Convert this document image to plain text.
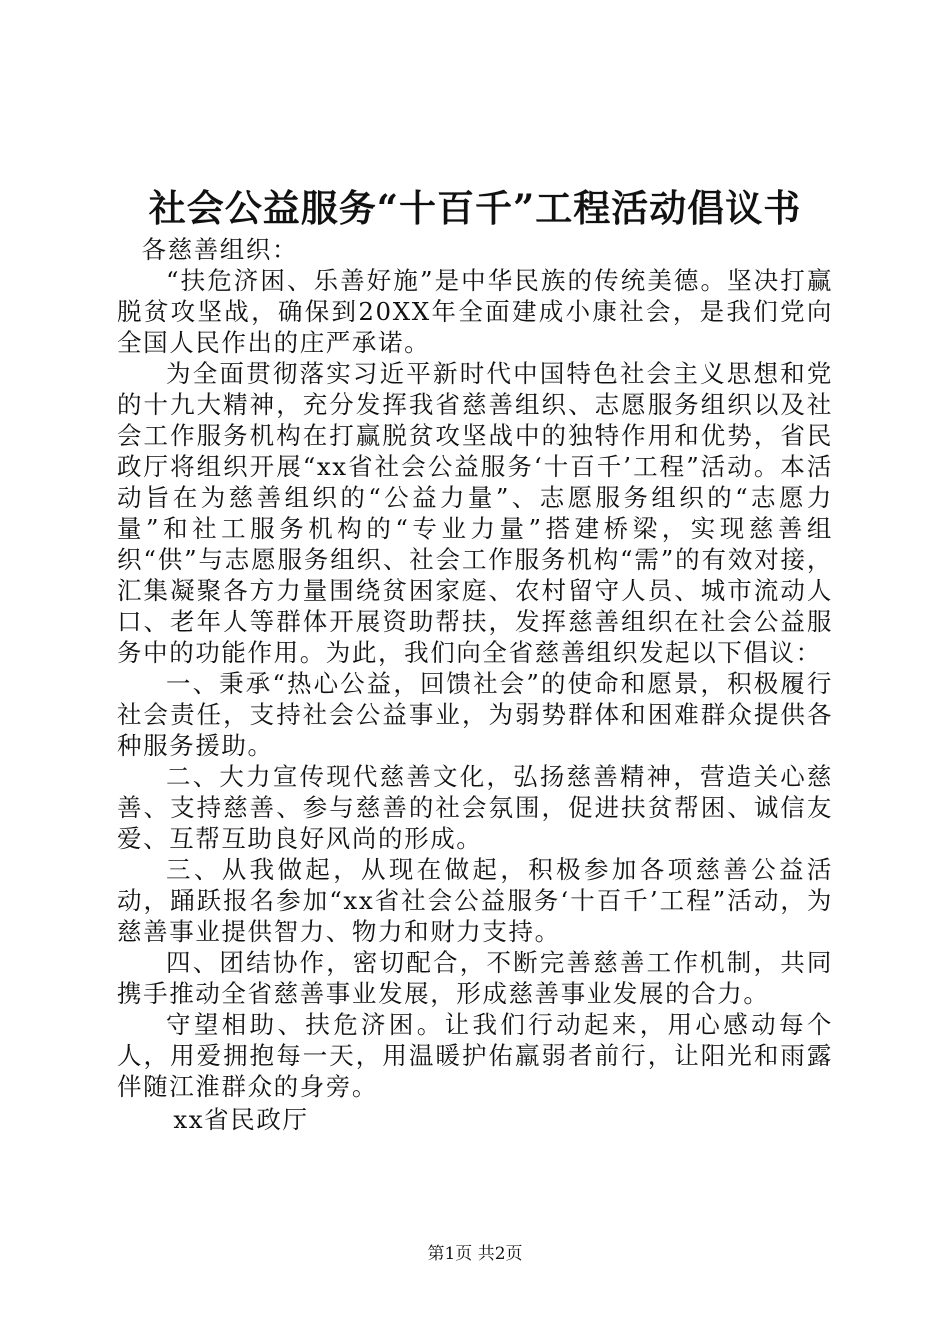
社会公益服务“十百千”工程活动倡议书

各慈善组织：

“扶危济困、乐善好施”是中华民族的传统美德。坚决打赢脱贫攻坚战，确保到20XX年全面建成小康社会，是我们党向全国人民作出的庄严承诺。

为全面贯彻落实习近平新时代中国特色社会主义思想和党的十九大精神，充分发挥我省慈善组织、志愿服务组织以及社会工作服务机构在打赢脱贫攻坚战中的独特作用和优势，省民政厅将组织开展“xx省社会公益服务‘十百千’工程”活动。本活动旨在为慈善组织的“公益力量”、志愿服务组织的“志愿力量”和社工服务机构的“专业力量”搭建桥梁，实现慈善组织“供”与志愿服务组织、社会工作服务机构“需”的有效对接，汇集凝聚各方力量围绕贫困家庭、农村留守人员、城市流动人口、老年人等群体开展资助帮扶，发挥慈善组织在社会公益服务中的功能作用。为此，我们向全省慈善组织发起以下倡议：

一、秉承“热心公益，回馈社会”的使命和愿景，积极履行社会责任，支持社会公益事业，为弱势群体和困难群众提供各种服务援助。

二、大力宣传现代慈善文化，弘扬慈善精神，营造关心慈善、支持慈善、参与慈善的社会氛围，促进扶贫帮困、诚信友爱、互帮互助良好风尚的形成。

三、从我做起，从现在做起，积极参加各项慈善公益活动，踊跃报名参加“xx省社会公益服务‘十百千’工程”活动，为慈善事业提供智力、物力和财力支持。

四、团结协作，密切配合，不断完善慈善工作机制，共同携手推动全省慈善事业发展，形成慈善事业发展的合力。

守望相助、扶危济困。让我们行动起来，用心感动每个人，用爱拥抱每一天，用温暖护佑羸弱者前行，让阳光和雨露伴随江淮群众的身旁。

xx省民政厅

第1页 共2页
